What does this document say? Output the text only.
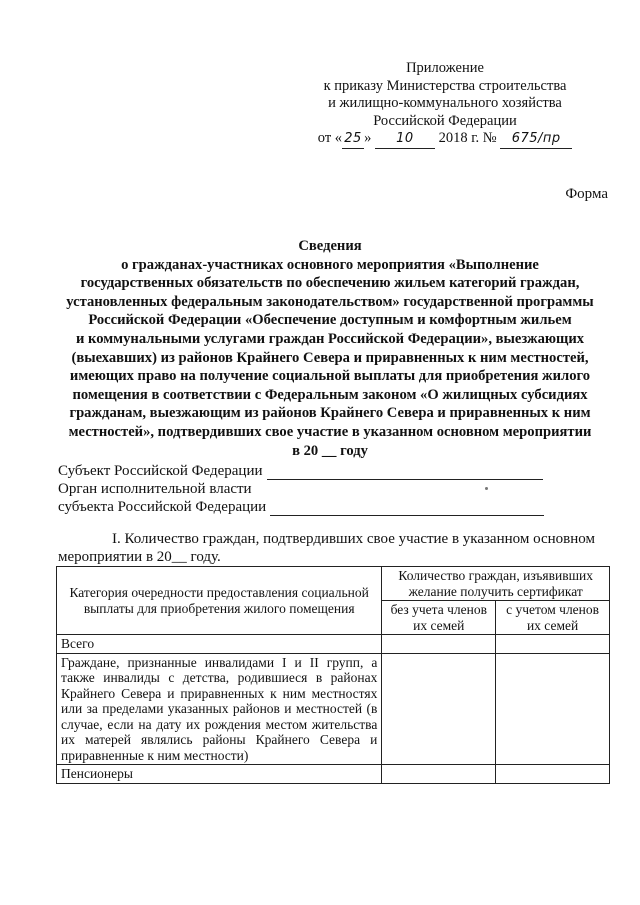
Приложение
к приказу Министерства строительства
и жилищно-коммунального хозяйства
Российской Федерации
от « 25 » 10 2018 г. № 675/пр
Форма
Сведения
о гражданах-участниках основного мероприятия «Выполнение
государственных обязательств по обеспечению жильем категорий граждан,
установленных федеральным законодательством» государственной программы
Российской Федерации «Обеспечение доступным и комфортным жильем
и коммунальными услугами граждан Российской Федерации», выезжающих
(выехавших) из районов Крайнего Севера и приравненных к ним местностей,
имеющих право на получение социальной выплаты для приобретения жилого
помещения в соответствии с Федеральным законом «О жилищных субсидиях
гражданам, выезжающим из районов Крайнего Севера и приравненных к ним
местностей», подтвердивших свое участие в указанном основном мероприятии
в 20 __ году
Субъект Российской Федерации
Орган исполнительной власти
субъекта Российской Федерации
I. Количество граждан, подтвердивших свое участие в указанном основном
мероприятии в 20__ году.
Категория очередности предоставления социальной выплаты для приобретения жилого помещения	Количество граждан, изъявивших желание получить сертификат	
	без учета членов их семей	с учетом членов их семей
Всего		
Граждане, признанные инвалидами I и II групп, а также инвалиды с детства, родившиеся в районах Крайнего Севера и приравненных к ним местностях или за пределами указанных районов и местностей (в случае, если на дату их рождения местом жительства их матерей являлись районы Крайнего Севера и приравненные к ним местности)		
Пенсионеры		
